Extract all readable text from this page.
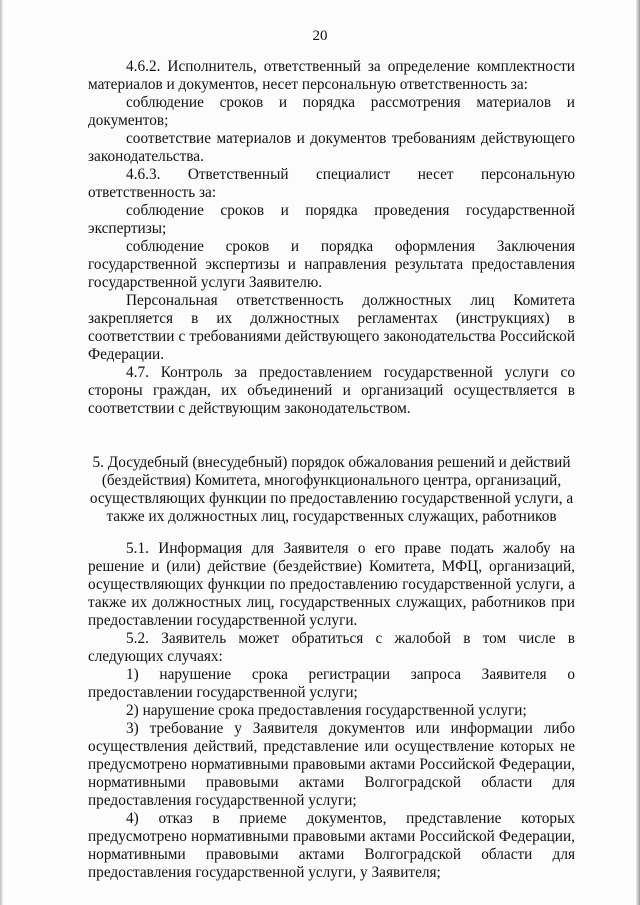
20

4.6.2. Исполнитель, ответственный за определение комплектности материалов и документов, несет персональную ответственность за:

соблюдение сроков и порядка рассмотрения материалов и документов;

соответствие материалов и документов требованиям действующего законодательства.

4.6.3. Ответственный специалист несет персональную ответственность за:

соблюдение сроков и порядка проведения государственной экспертизы;

соблюдение сроков и порядка оформления Заключения государственной экспертизы и направления результата предоставления государственной услуги Заявителю.

Персональная ответственность должностных лиц Комитета закрепляется в их должностных регламентах (инструкциях) в соответствии с требованиями действующего законодательства Российской Федерации.

4.7. Контроль за предоставлением государственной услуги со стороны граждан, их объединений и организаций осуществляется в соответствии с действующим законодательством.

5. Досудебный (внесудебный) порядок обжалования решений и действий (бездействия) Комитета, многофункционального центра, организаций, осуществляющих функции по предоставлению государственной услуги, а также их должностных лиц, государственных служащих, работников

5.1. Информация для Заявителя о его праве подать жалобу на решение и (или) действие (бездействие) Комитета, МФЦ, организаций, осуществляющих функции по предоставлению государственной услуги, а также их должностных лиц, государственных служащих, работников при предоставлении государственной услуги.

5.2. Заявитель может обратиться с жалобой в том числе в следующих случаях:

1) нарушение срока регистрации запроса Заявителя о предоставлении государственной услуги;

2) нарушение срока предоставления государственной услуги;

3) требование у Заявителя документов или информации либо осуществления действий, представление или осуществление которых не предусмотрено нормативными правовыми актами Российской Федерации, нормативными правовыми актами Волгоградской области для предоставления государственной услуги;

4) отказ в приеме документов, представление которых предусмотрено нормативными правовыми актами Российской Федерации, нормативными правовыми актами Волгоградской области для предоставления государственной услуги, у Заявителя;
